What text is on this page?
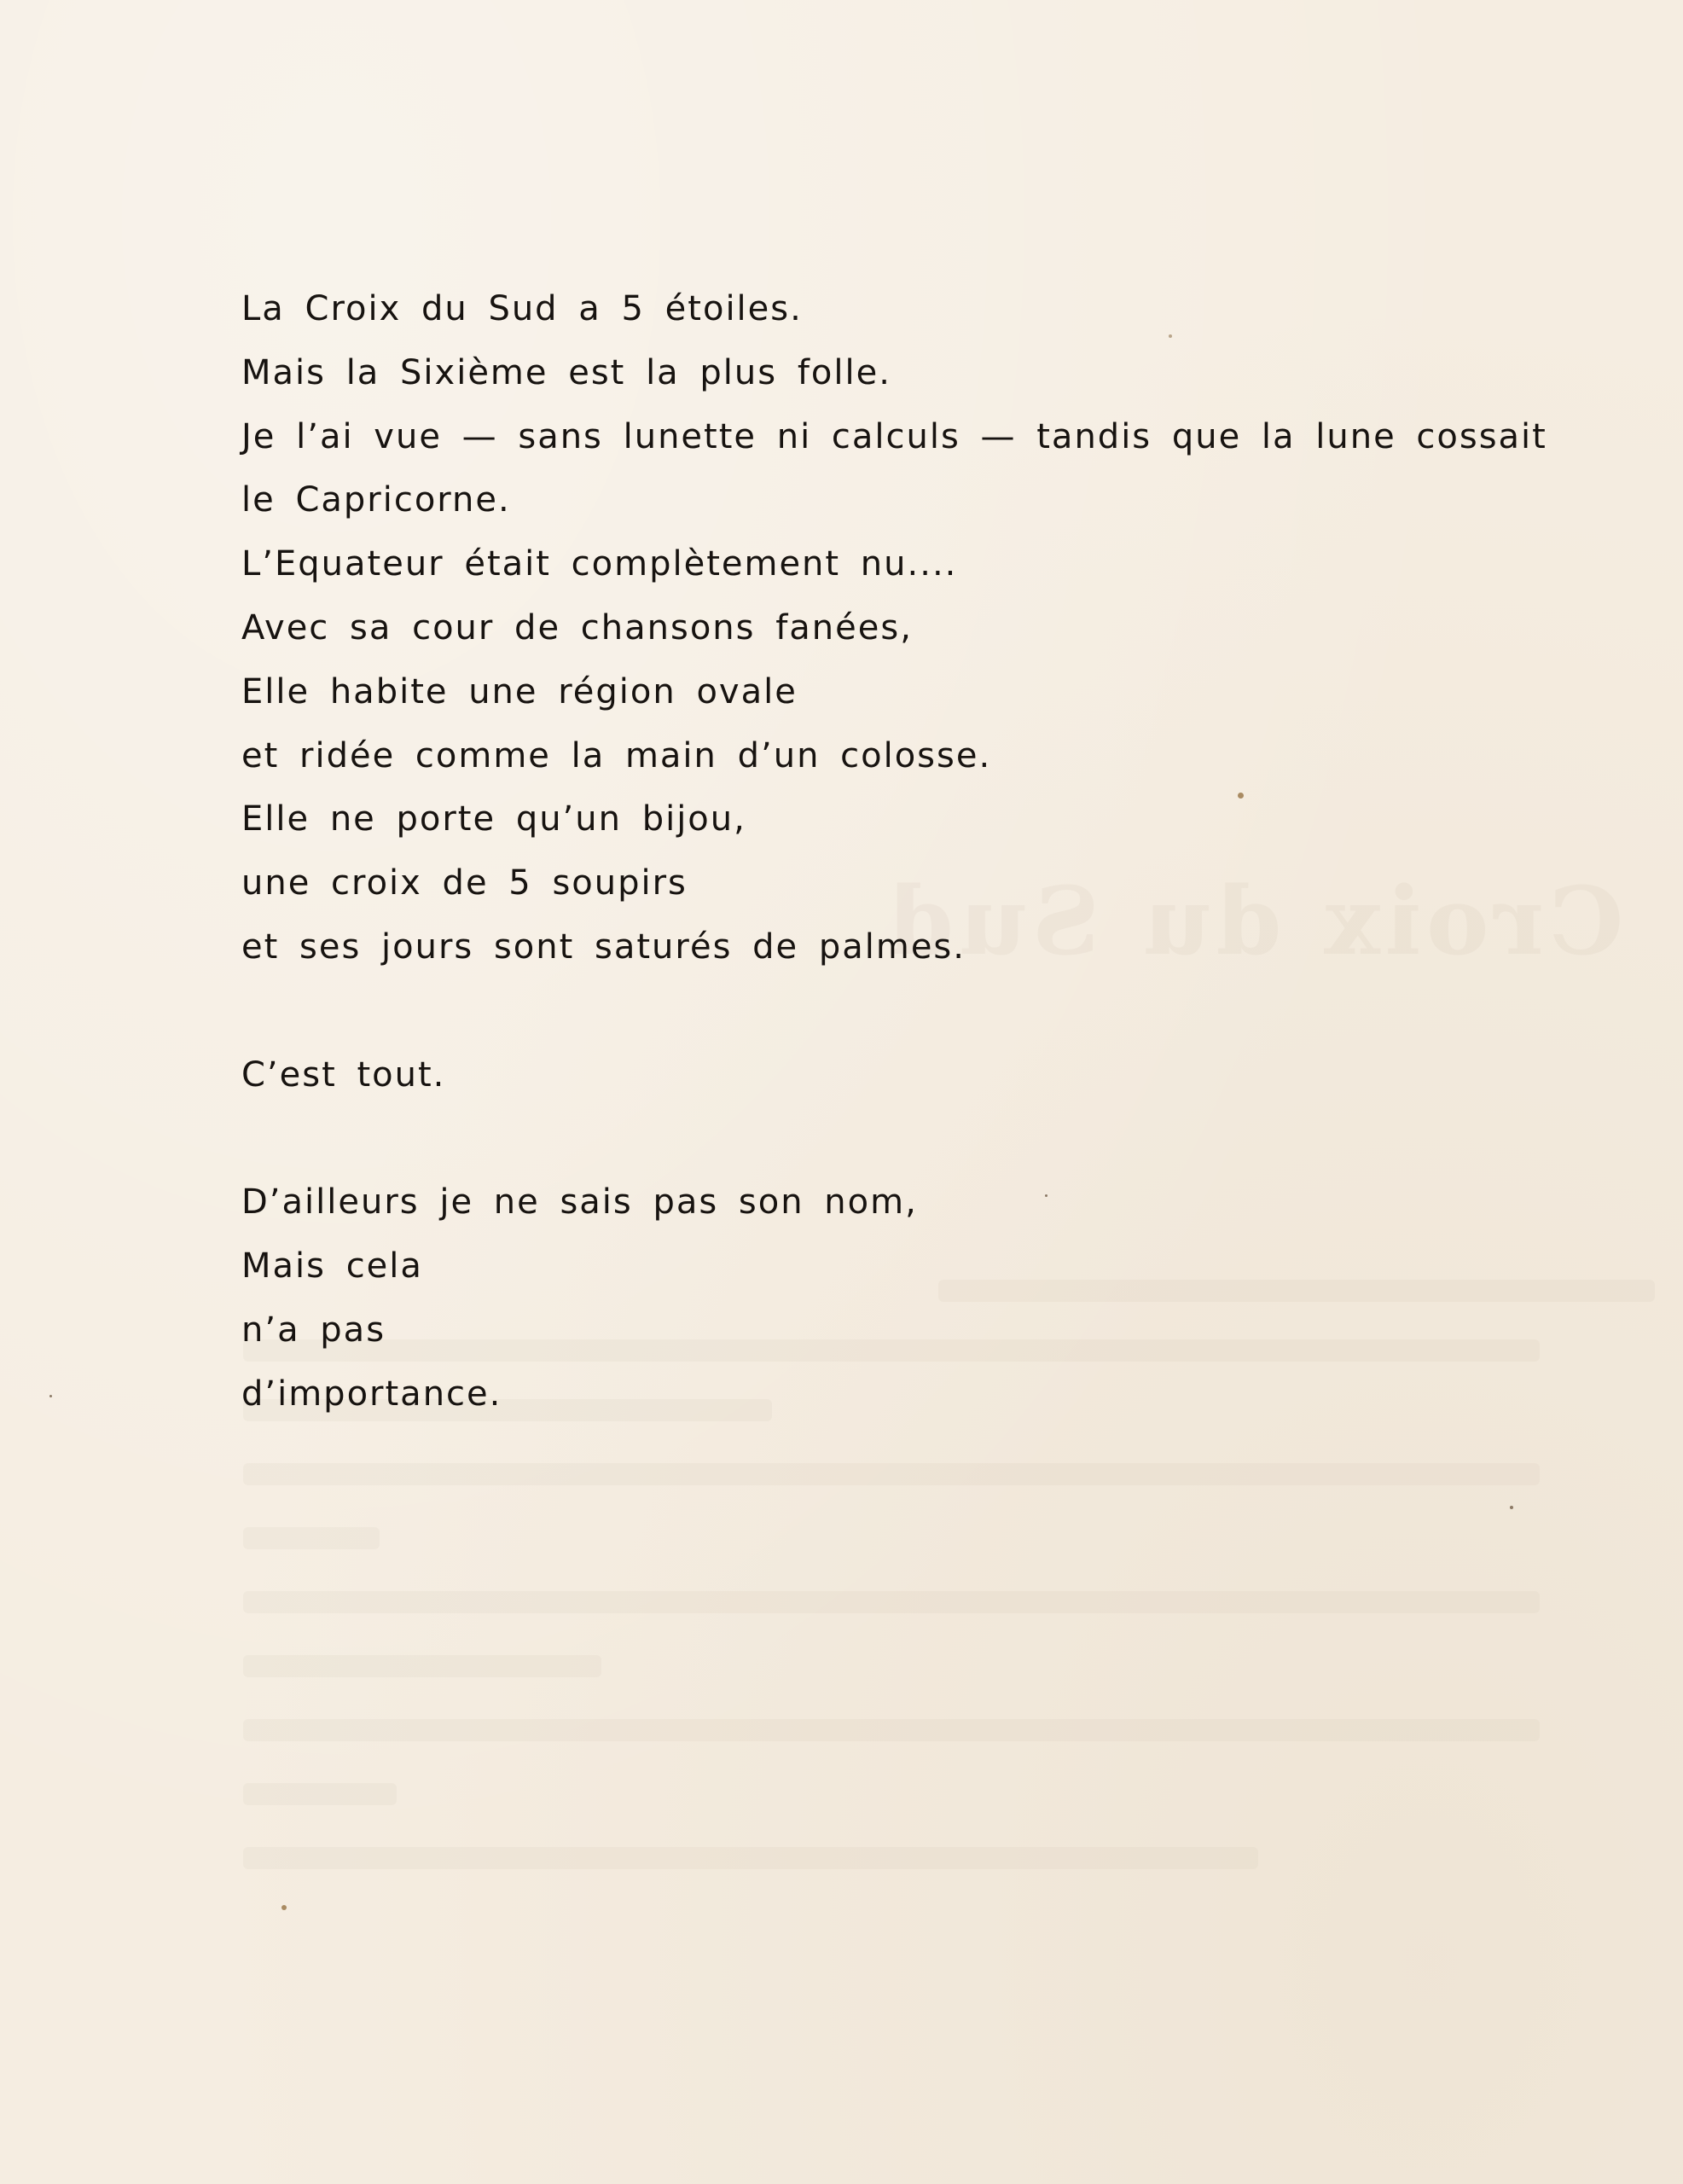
Croix du Sud
La Croix du Sud a 5 étoiles.
Mais la Sixième est la plus folle.
Je l’ai vue — sans lunette ni calculs — tandis que la lune cossait
le Capricorne.
L’Equateur était complètement nu....
Avec sa cour de chansons fanées,
Elle habite une région ovale
et ridée comme la main d’un colosse.
Elle ne porte qu’un bijou,
une croix de 5 soupirs
et ses jours sont saturés de palmes.
C’est tout.
D’ailleurs je ne sais pas son nom,
Mais cela
n’a pas
d’importance.
